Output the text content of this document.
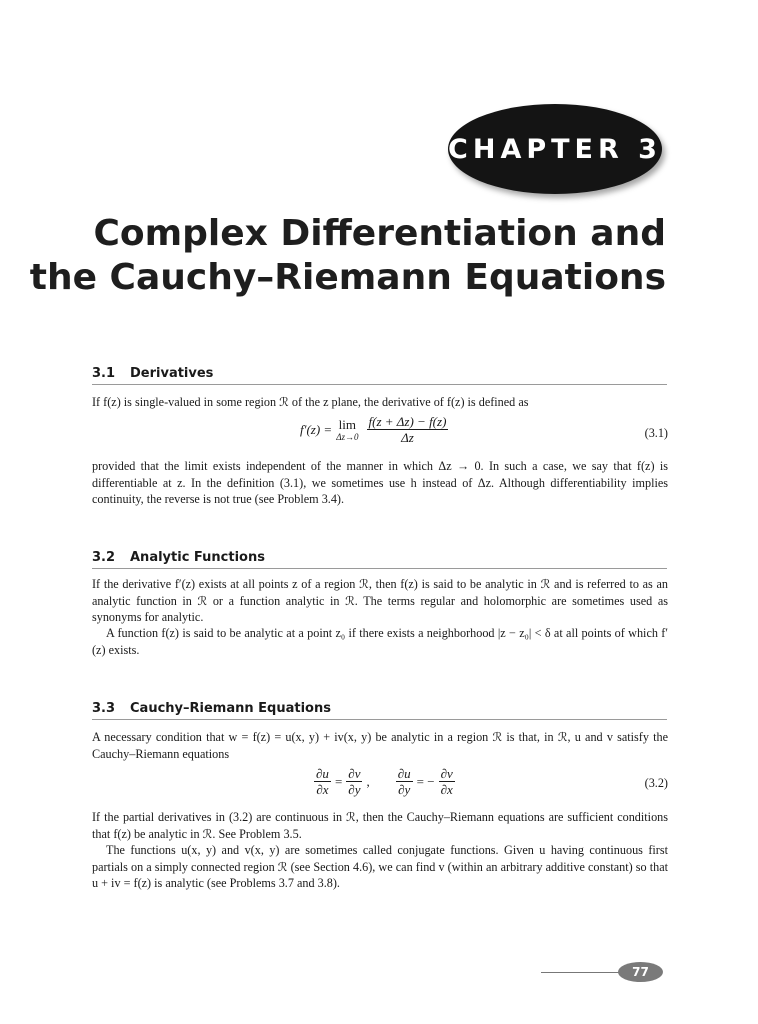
CHAPTER 3
Complex Differentiation and
the Cauchy–Riemann Equations
3.1 Derivatives

If f(z) is single-valued in some region ℛ of the z plane, the derivative of f(z) is defined as

f′(z) = lim
$\Delta z\to 0 \frac{f(z + \Delta z) - f(z)}{\Delta z}$	(3.1)

provided that the limit exists independent of the manner in which Δz → 0. In such a case, we say that f(z) is differentiable at z. In the definition (3.1), we sometimes use h instead of Δz. Although differentiability implies continuity, the reverse is not true (see Problem 3.4).

3.2 Analytic Functions

If the derivative f′(z) exists at all points z of a region ℛ, then f(z) is said to be analytic in ℛ and is referred to as an analytic function in ℛ or a function analytic in ℛ. The terms regular and holomorphic are sometimes used as synonyms for analytic.

A function f(z) is said to be analytic at a point z₀ if there exists a neighborhood |z − z₀| < δ at all points of which f′(z) exists.

3.3 Cauchy–Riemann Equations

A necessary condition that w = f(z) = u(x, y) + iv(x, y) be analytic in a region ℛ is that, in ℛ, u and v satisfy the Cauchy–Riemann equations

$\frac{\partial u}{\partial x} = \frac{\partial v}{\partial y}$ , $\frac{\partial u}{\partial y}$ = − $\frac{\partial v}{\partial x}$	(3.2)

If the partial derivatives in (3.2) are continuous in ℛ, then the Cauchy–Riemann equations are sufficient conditions that f(z) be analytic in ℛ. See Problem 3.5.

The functions u(x, y) and v(x, y) are sometimes called conjugate functions. Given u having continuous first partials on a simply connected region ℛ (see Section 4.6), we can find v (within an arbitrary additive constant) so that u + iv = f(z) is analytic (see Problems 3.7 and 3.8).

77
